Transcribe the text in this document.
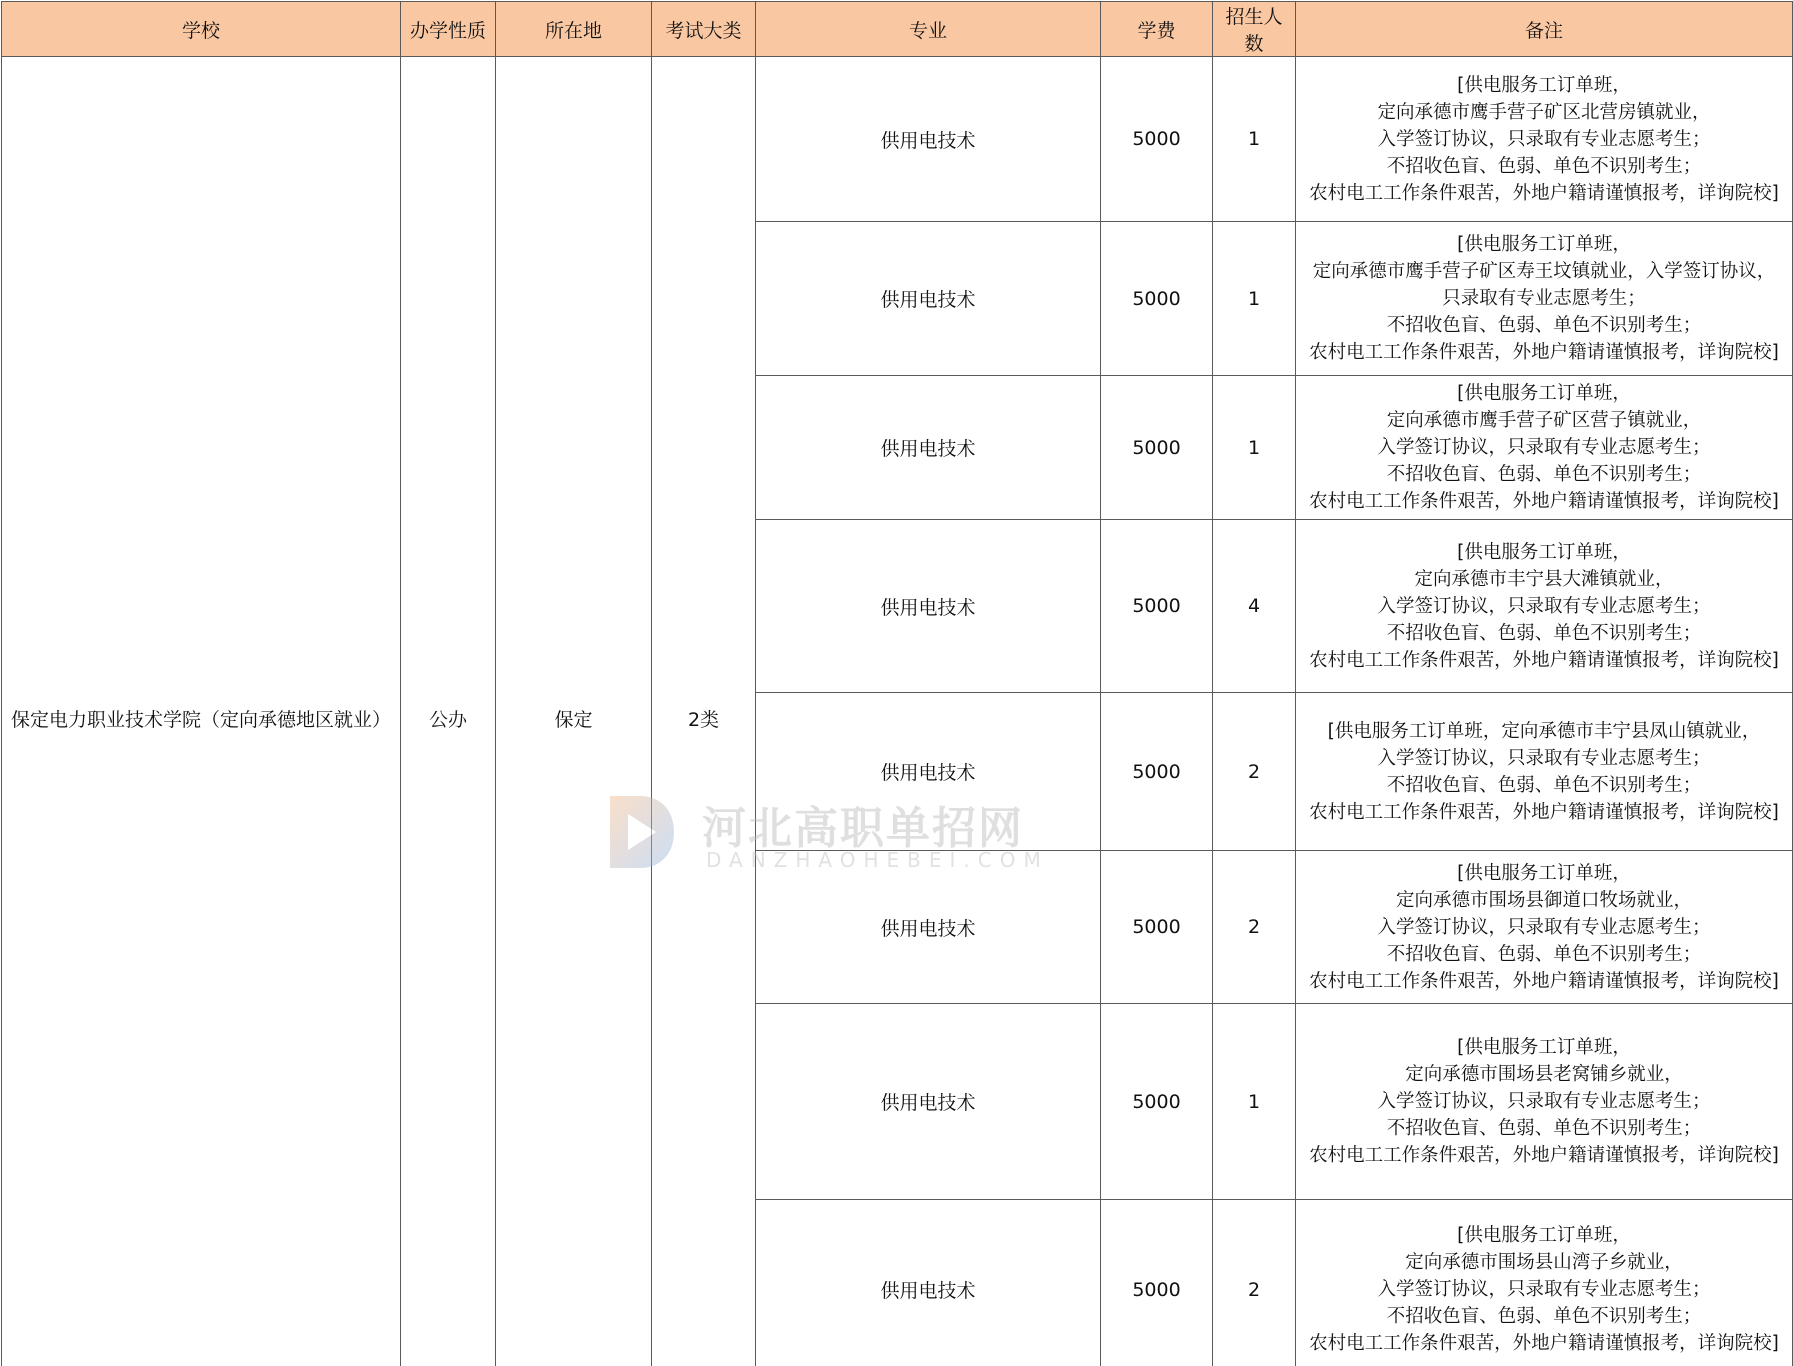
学校	办学性质	所在地	考试大类	专业	学费	招生人数	备注
保定电力职业技术学院（定向承德地区就业）	公办	保定	2类	供用电技术	5000	1	[供电服务工订单班，
定向承德市鹰手营子矿区北营房镇就业，
入学签订协议，只录取有专业志愿考生；
不招收色盲、色弱、单色不识别考生；
农村电工工作条件艰苦，外地户籍请谨慎报考，详询院校]
				供用电技术	5000	1	[供电服务工订单班，
定向承德市鹰手营子矿区寿王坟镇就业，入学签订协议，
只录取有专业志愿考生；
不招收色盲、色弱、单色不识别考生；
农村电工工作条件艰苦，外地户籍请谨慎报考，详询院校]
				供用电技术	5000	1	[供电服务工订单班，
定向承德市鹰手营子矿区营子镇就业，
入学签订协议，只录取有专业志愿考生；
不招收色盲、色弱、单色不识别考生；
农村电工工作条件艰苦，外地户籍请谨慎报考，详询院校]
				供用电技术	5000	4	[供电服务工订单班，
定向承德市丰宁县大滩镇就业，
入学签订协议，只录取有专业志愿考生；
不招收色盲、色弱、单色不识别考生；
农村电工工作条件艰苦，外地户籍请谨慎报考，详询院校]
				供用电技术	5000	2	[供电服务工订单班，定向承德市丰宁县凤山镇就业，
入学签订协议，只录取有专业志愿考生；
不招收色盲、色弱、单色不识别考生；
农村电工工作条件艰苦，外地户籍请谨慎报考，详询院校]
				供用电技术	5000	2	[供电服务工订单班，
定向承德市围场县御道口牧场就业，
入学签订协议，只录取有专业志愿考生；
不招收色盲、色弱、单色不识别考生；
农村电工工作条件艰苦，外地户籍请谨慎报考，详询院校]
				供用电技术	5000	1	[供电服务工订单班，
定向承德市围场县老窝铺乡就业，
入学签订协议，只录取有专业志愿考生；
不招收色盲、色弱、单色不识别考生；
农村电工工作条件艰苦，外地户籍请谨慎报考，详询院校]
				供用电技术	5000	2	[供电服务工订单班，
定向承德市围场县山湾子乡就业，
入学签订协议，只录取有专业志愿考生；
不招收色盲、色弱、单色不识别考生；
农村电工工作条件艰苦，外地户籍请谨慎报考，详询院校]
河北高职单招网
DANZHAOHEBEI.COM
